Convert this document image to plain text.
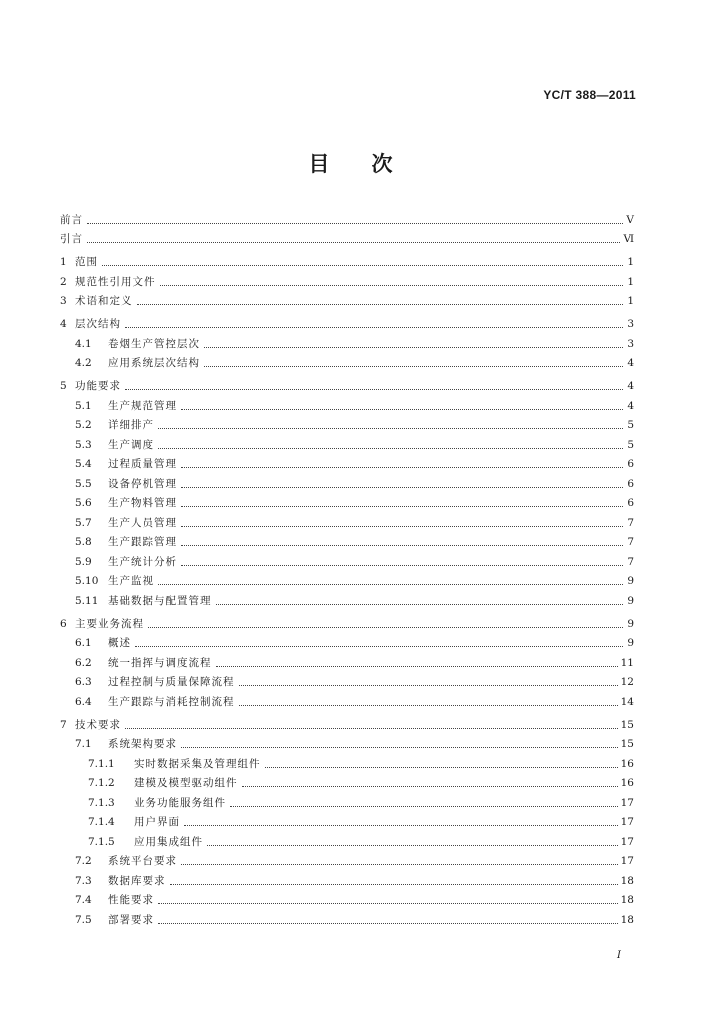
YC/T 388—2011
目次
前言	V
引言	Ⅵ
1 范围	1
2 规范性引用文件	1
3 术语和定义	1
4 层次结构	3
4.1	卷烟生产管控层次	3
4.2	应用系统层次结构	4
5 功能要求	4
5.1	生产规范管理	4
5.2	详细排产	5
5.3	生产调度	5
5.4	过程质量管理	6
5.5	设备停机管理	6
5.6	生产物料管理	6
5.7	生产人员管理	7
5.8	生产跟踪管理	7
5.9	生产统计分析	7
5.10 生产监视	9
5.11 基础数据与配置管理	9
6 主要业务流程	9
6.1	概述	9
6.2	统一指挥与调度流程	11
6.3	过程控制与质量保障流程	12
6.4	生产跟踪与消耗控制流程	14
7 技术要求	15
7.1	系统架构要求	15
7.1.1	实时数据采集及管理组件	16
7.1.2	建模及模型驱动组件	16
7.1.3	业务功能服务组件	17
7.1.4	用户界面	17
7.1.5	应用集成组件	17
7.2	系统平台要求	17
7.3	数据库要求	18
7.4	性能要求	18
7.5	部署要求	18
I
